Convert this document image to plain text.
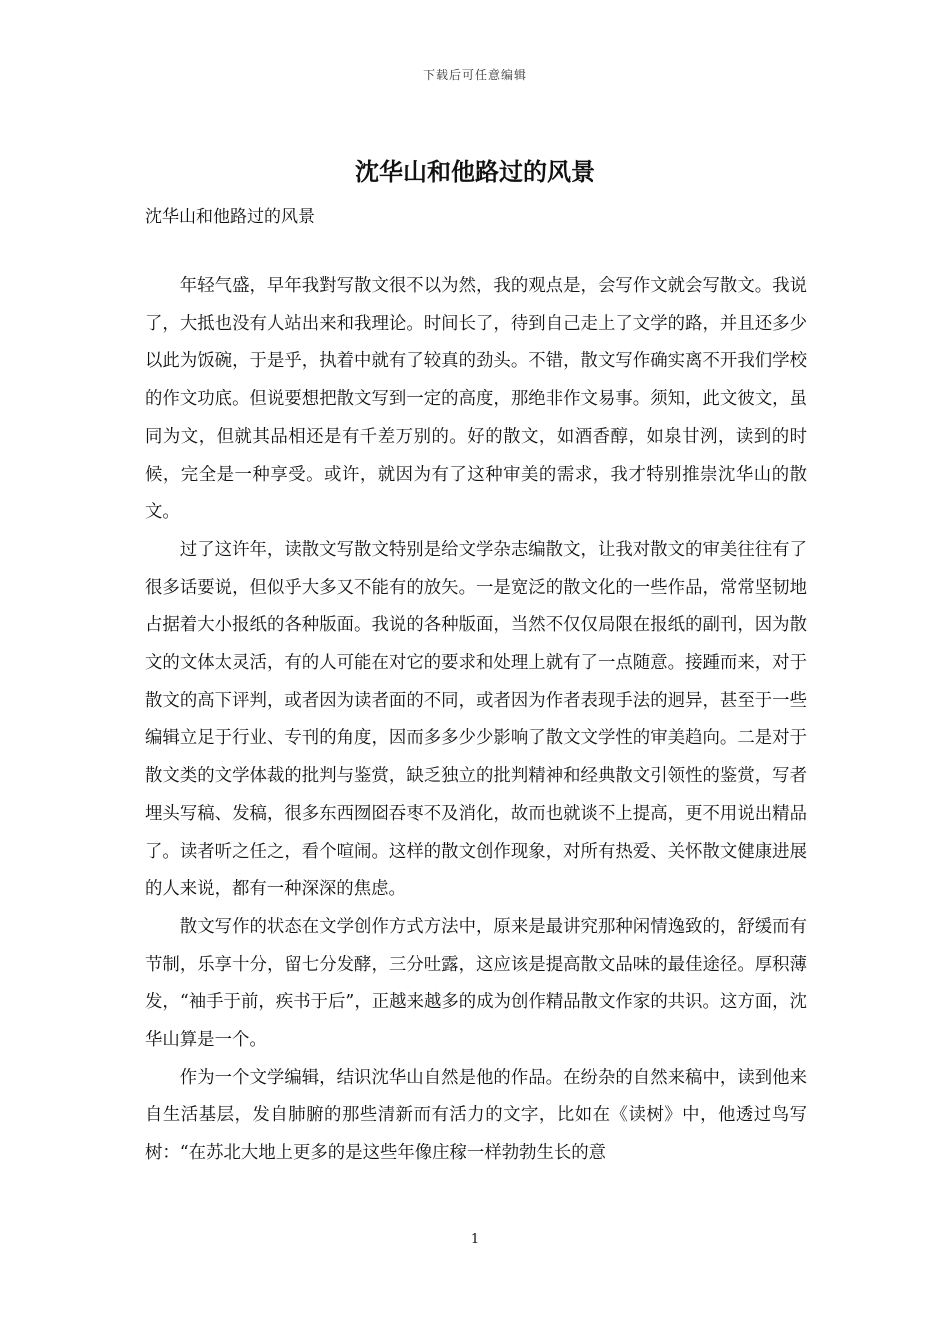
下载后可任意编辑
沈华山和他路过的风景

沈华山和他路过的风景

年轻气盛，早年我對写散文很不以为然，我的观点是，会写作文就会写散文。我说了，大抵也没有人站出来和我理论。时间长了，待到自己走上了文学的路，并且还多少以此为饭碗，于是乎，执着中就有了较真的劲头。不错，散文写作确实离不开我们学校的作文功底。但说要想把散文写到一定的高度，那绝非作文易事。须知，此文彼文，虽同为文，但就其品相还是有千差万别的。好的散文，如酒香醇，如泉甘洌，读到的时候，完全是一种享受。或许，就因为有了这种审美的需求，我才特别推崇沈华山的散文。

过了这许年，读散文写散文特别是给文学杂志编散文，让我对散文的审美往往有了很多话要说，但似乎大多又不能有的放矢。一是宽泛的散文化的一些作品，常常坚韧地占据着大小报纸的各种版面。我说的各种版面，当然不仅仅局限在报纸的副刊，因为散文的文体太灵活，有的人可能在对它的要求和处理上就有了一点随意。接踵而来，对于散文的高下评判，或者因为读者面的不同，或者因为作者表现手法的迥异，甚至于一些编辑立足于行业、专刊的角度，因而多多少少影响了散文文学性的审美趋向。二是对于散文类的文学体裁的批判与鉴赏，缺乏独立的批判精神和经典散文引领性的鉴赏，写者埋头写稿、发稿，很多东西囫囵吞枣不及消化，故而也就谈不上提高，更不用说出精品了。读者听之任之，看个喧闹。这样的散文创作现象，对所有热爱、关怀散文健康进展的人来说，都有一种深深的焦虑。

散文写作的状态在文学创作方式方法中，原来是最讲究那种闲情逸致的，舒缓而有节制，乐享十分，留七分发酵，三分吐露，这应该是提高散文品味的最佳途径。厚积薄发，“袖手于前，疾书于后”，正越来越多的成为创作精品散文作家的共识。这方面，沈华山算是一个。

作为一个文学编辑，结识沈华山自然是他的作品。在纷杂的自然来稿中，读到他来自生活基层，发自肺腑的那些清新而有活力的文字，比如在《读树》中，他透过鸟写树：“在苏北大地上更多的是这些年像庄稼一样勃勃生长的意

1
